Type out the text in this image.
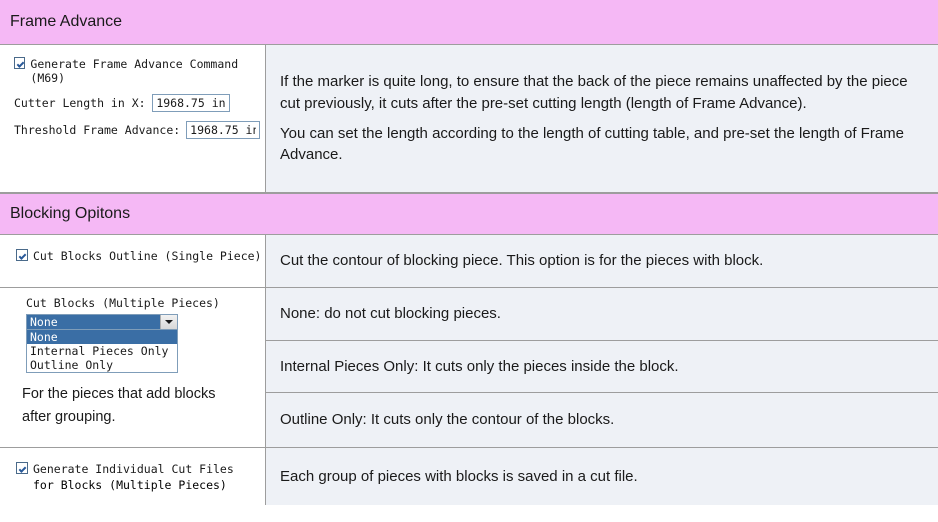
Frame Advance
Generate Frame Advance Command (M69)
Cutter Length in X:
1968.75 in
Threshold Frame Advance:
1968.75 in

If the marker is quite long, to ensure that the back of the piece remains unaffected by the piece cut previously, it cuts after the pre-set cutting length (length of Frame Advance).

You can set the length according to the length of cutting table, and pre-set the length of Frame Advance.

Blocking Opitons
Cut Blocks Outline (Single Piece) Cut the contour of blocking piece. This option is for the pieces with block.

Cut Blocks (Multiple Pieces)
None
None
Internal Pieces Only
Outline Only
For the pieces that add blocks
after grouping.

None: do not cut blocking pieces.

Internal Pieces Only: It cuts only the pieces inside the block.

Outline Only: It cuts only the contour of the blocks.

Generate Individual Cut Files
for Blocks (Multiple Pieces)

Each group of pieces with blocks is saved in a cut file.
